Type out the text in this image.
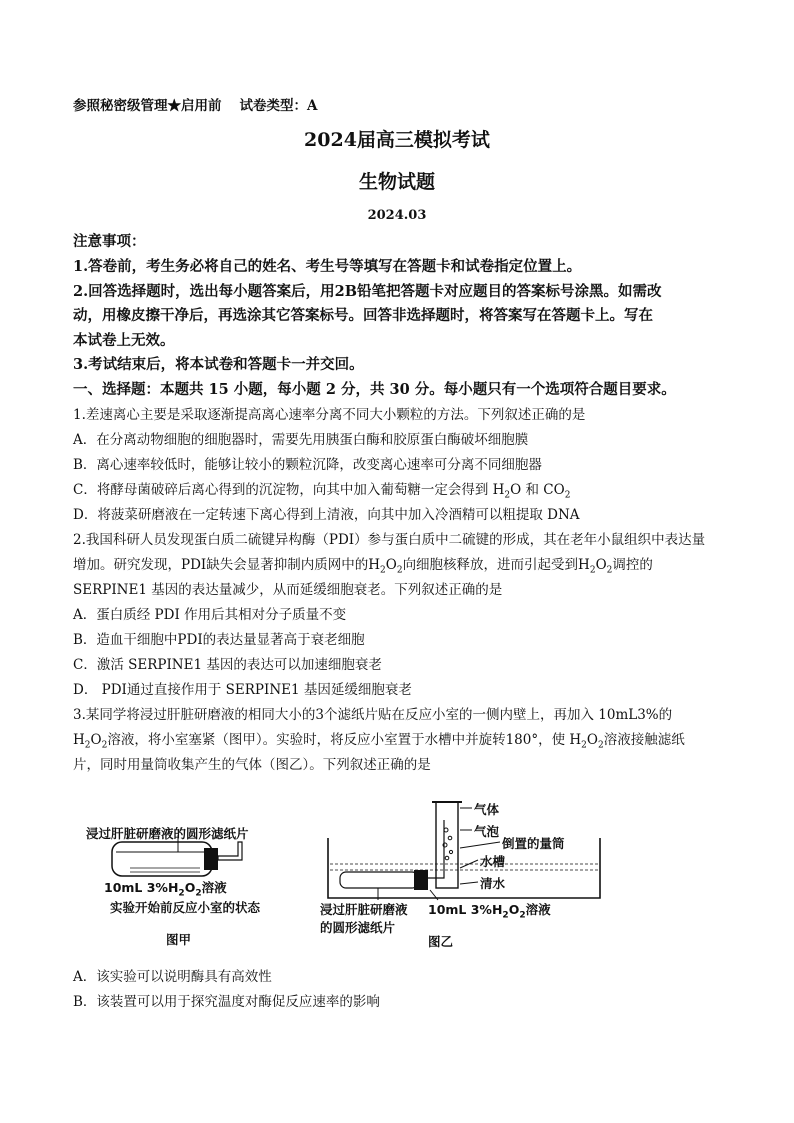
参照秘密级管理★启用前 试卷类型：A
2024届高三模拟考试
生物试题
2024.03
注意事项：
1.答卷前，考生务必将自己的姓名、考生号等填写在答题卡和试卷指定位置上。
2.回答选择题时，选出每小题答案后，用2B铅笔把答题卡对应题目的答案标号涂黑。如需改
动，用橡皮擦干净后，再选涂其它答案标号。回答非选择题时，将答案写在答题卡上。写在
本试卷上无效。
3.考试结束后，将本试卷和答题卡一并交回。
一、选择题：本题共 15 小题，每小题 2 分，共 30 分。每小题只有一个选项符合题目要求。
1.差速离心主要是采取逐渐提高离心速率分离不同大小颗粒的方法。下列叙述正确的是
A．在分离动物细胞的细胞器时，需要先用胰蛋白酶和胶原蛋白酶破坏细胞膜
B．离心速率较低时，能够让较小的颗粒沉降，改变离心速率可分离不同细胞器
C．将酵母菌破碎后离心得到的沉淀物，向其中加入葡萄糖一定会得到 $H_2O$ 和 $CO_2$
D．将菠菜研磨液在一定转速下离心得到上清液，向其中加入冷酒精可以粗提取 DNA
2.我国科研人员发现蛋白质二硫键异构酶（PDI）参与蛋白质中二硫键的形成，其在老年小鼠组织中表达量
增加。研究发现，PDI缺失会显著抑制内质网中的$H_2O_2$向细胞核释放，进而引起受到$H_2O_2$调控的
SERPINE1 基因的表达量减少，从而延缓细胞衰老。下列叙述正确的是
A．蛋白质经 PDI 作用后其相对分子质量不变
B．造血干细胞中PDI的表达量显著高于衰老细胞
C．激活 SERPINE1 基因的表达可以加速细胞衰老
D． PDI通过直接作用于 SERPINE1 基因延缓细胞衰老
3.某同学将浸过肝脏研磨液的相同大小的3个滤纸片贴在反应小室的一侧内壁上，再加入 10mL3%的
$H_2O_2$溶液，将小室塞紧（图甲）。实验时，将反应小室置于水槽中并旋转180°，使 $H_2O_2$溶液接触滤纸
片，同时用量筒收集产生的气体（图乙）。下列叙述正确的是
浸过肝脏研磨液的圆形滤纸片
10mL $3\%H_2O_2$溶液
实验开始前反应小室的状态
图甲
气体
气泡
倒置的量筒
水槽
清水
浸过肝脏研磨液
的圆形滤纸片
10mL $3\%H_2O_2$溶液
图乙
A．该实验可以说明酶具有高效性
B．该装置可以用于探究温度对酶促反应速率的影响
